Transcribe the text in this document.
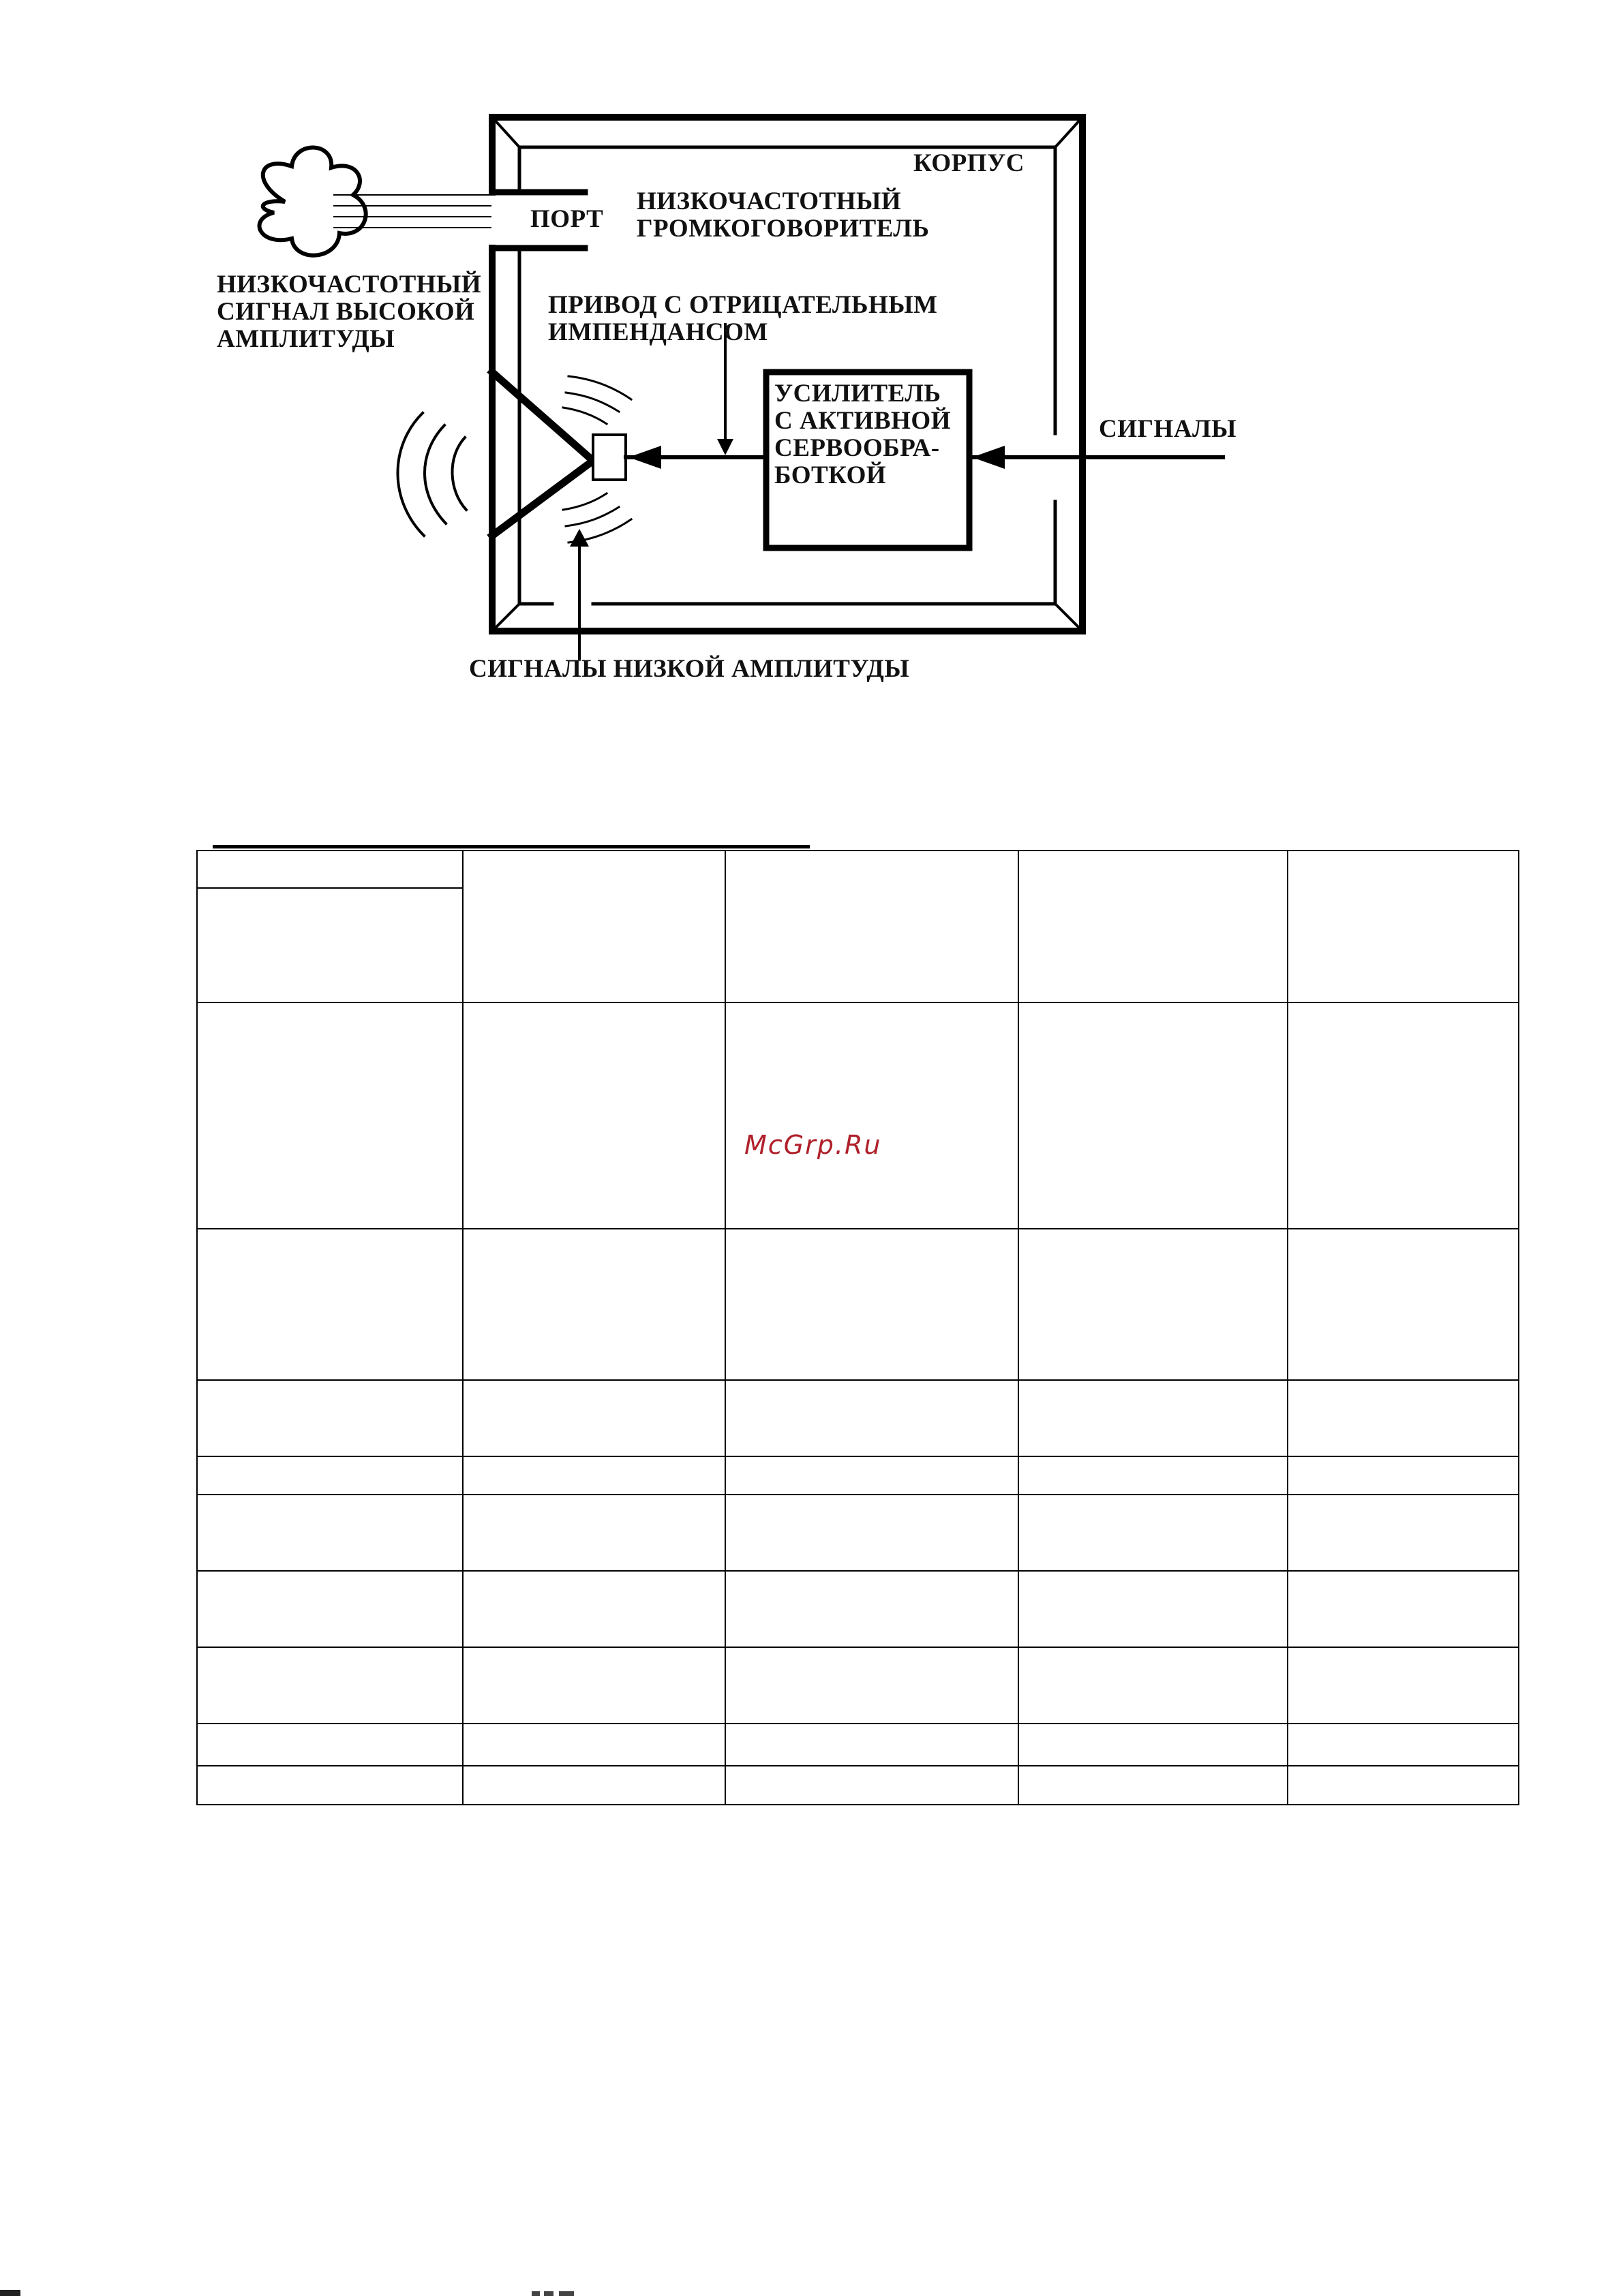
КОРПУС
ПОРТ
НИЗКОЧАСТОТНЫЙ
ГРОМКОГОВОРИТЕЛЬ
НИЗКОЧАСТОТНЫЙ
СИГНАЛ ВЫСОКОЙ
АМПЛИТУДЫ
ПРИВОД С ОТРИЦАТЕЛЬНЫМ
ИМПЕНДАНСОМ
УСИЛИТЕЛЬ
С АКТИВНОЙ
СЕРВООБРА-
БОТКОЙ
СИГНАЛЫ
СИГНАЛЫ НИЗКОЙ АМПЛИТУДЫ
McGrp.Ru
